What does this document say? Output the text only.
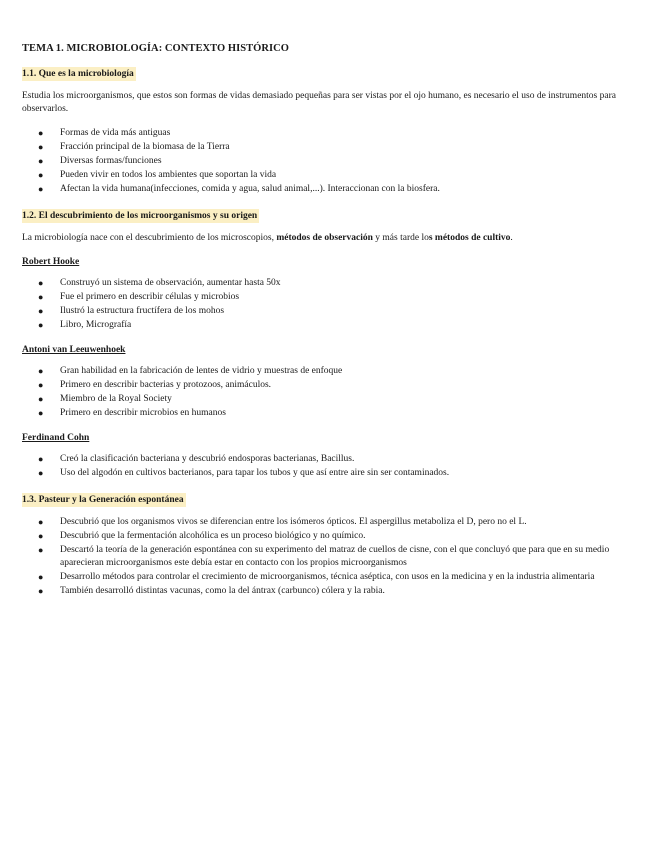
TEMA 1. MICROBIOLOGÍA: CONTEXTO HISTÓRICO
1.1. Que es la microbiología

Estudia los microorganismos, que estos son formas de vidas demasiado pequeñas para ser vistas por el ojo humano, es necesario el uso de instrumentos para observarlos.

● Formas de vida más antiguas
● Fracción principal de la biomasa de la Tierra
● Diversas formas/funciones
● Pueden vivir en todos los ambientes que soportan la vida
● Afectan la vida humana(infecciones, comida y agua, salud animal,...). Interaccionan con la biosfera.
1.2. El descubrimiento de los microorganismos y su origen

La microbiología nace con el descubrimiento de los microscopios, métodos de observación y más tarde los métodos de cultivo.

Robert Hooke
● Construyó un sistema de observación, aumentar hasta 50x
● Fue el primero en describir células y microbios
● Ilustró la estructura fructífera de los mohos
● Libro, Micrografía
Antoni van Leeuwenhoek
● Gran habilidad en la fabricación de lentes de vidrio y muestras de enfoque
● Primero en describir bacterias y protozoos, animáculos.
● Miembro de la Royal Society
● Primero en describir microbios en humanos
Ferdinand Cohn
● Creó la clasificación bacteriana y descubrió endosporas bacterianas, Bacillus.
● Uso del algodón en cultivos bacterianos, para tapar los tubos y que así entre aire sin ser contaminados.
1.3. Pasteur y la Generación espontánea
● Descubrió que los organismos vivos se diferencian entre los isómeros ópticos. El aspergillus metaboliza el D, pero no el L.
● Descubrió que la fermentación alcohólica es un proceso biológico y no químico.
● Descartó la teoría de la generación espontánea con su experimento del matraz de cuellos de cisne, con el que concluyó que para que en su medio aparecieran microorganismos este debía estar en contacto con los propios microorganismos
● Desarrollo métodos para controlar el crecimiento de microorganismos, técnica aséptica, con usos en la medicina y en la industria alimentaria
● También desarrolló distintas vacunas, como la del ántrax (carbunco) cólera y la rabia.
